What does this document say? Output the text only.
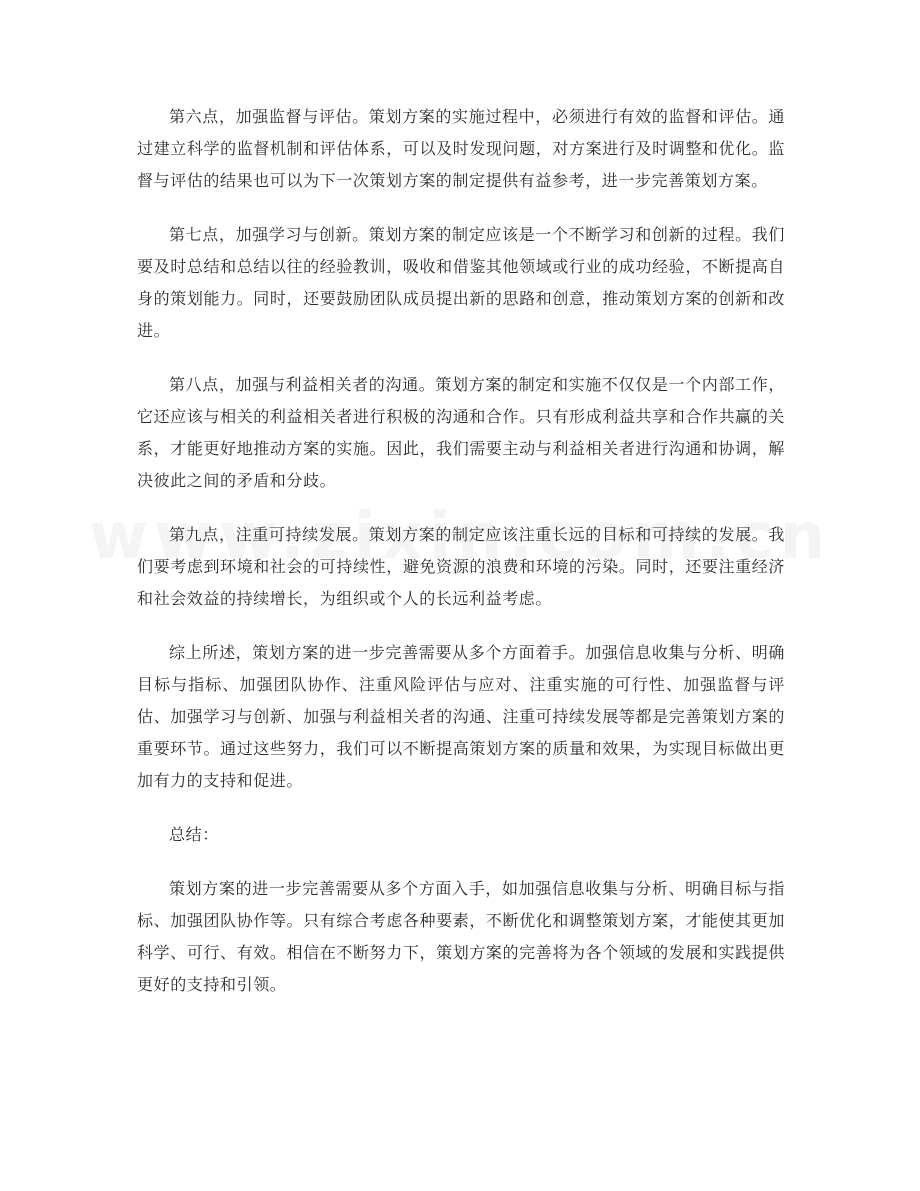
第六点，加强监督与评估。策划方案的实施过程中，必须进行有效的监督和评估。通过建立科学的监督机制和评估体系，可以及时发现问题，对方案进行及时调整和优化。监督与评估的结果也可以为下一次策划方案的制定提供有益参考，进一步完善策划方案。

第七点，加强学习与创新。策划方案的制定应该是一个不断学习和创新的过程。我们要及时总结和总结以往的经验教训，吸收和借鉴其他领域或行业的成功经验，不断提高自身的策划能力。同时，还要鼓励团队成员提出新的思路和创意，推动策划方案的创新和改进。

第八点，加强与利益相关者的沟通。策划方案的制定和实施不仅仅是一个内部工作，它还应该与相关的利益相关者进行积极的沟通和合作。只有形成利益共享和合作共赢的关系，才能更好地推动方案的实施。因此，我们需要主动与利益相关者进行沟通和协调，解决彼此之间的矛盾和分歧。

第九点，注重可持续发展。策划方案的制定应该注重长远的目标和可持续的发展。我们要考虑到环境和社会的可持续性，避免资源的浪费和环境的污染。同时，还要注重经济和社会效益的持续增长，为组织或个人的长远利益考虑。

综上所述，策划方案的进一步完善需要从多个方面着手。加强信息收集与分析、明确目标与指标、加强团队协作、注重风险评估与应对、注重实施的可行性、加强监督与评估、加强学习与创新、加强与利益相关者的沟通、注重可持续发展等都是完善策划方案的重要环节。通过这些努力，我们可以不断提高策划方案的质量和效果，为实现目标做出更加有力的支持和促进。

总结：

策划方案的进一步完善需要从多个方面入手，如加强信息收集与分析、明确目标与指标、加强团队协作等。只有综合考虑各种要素，不断优化和调整策划方案，才能使其更加科学、可行、有效。相信在不断努力下，策划方案的完善将为各个领域的发展和实践提供更好的支持和引领。
